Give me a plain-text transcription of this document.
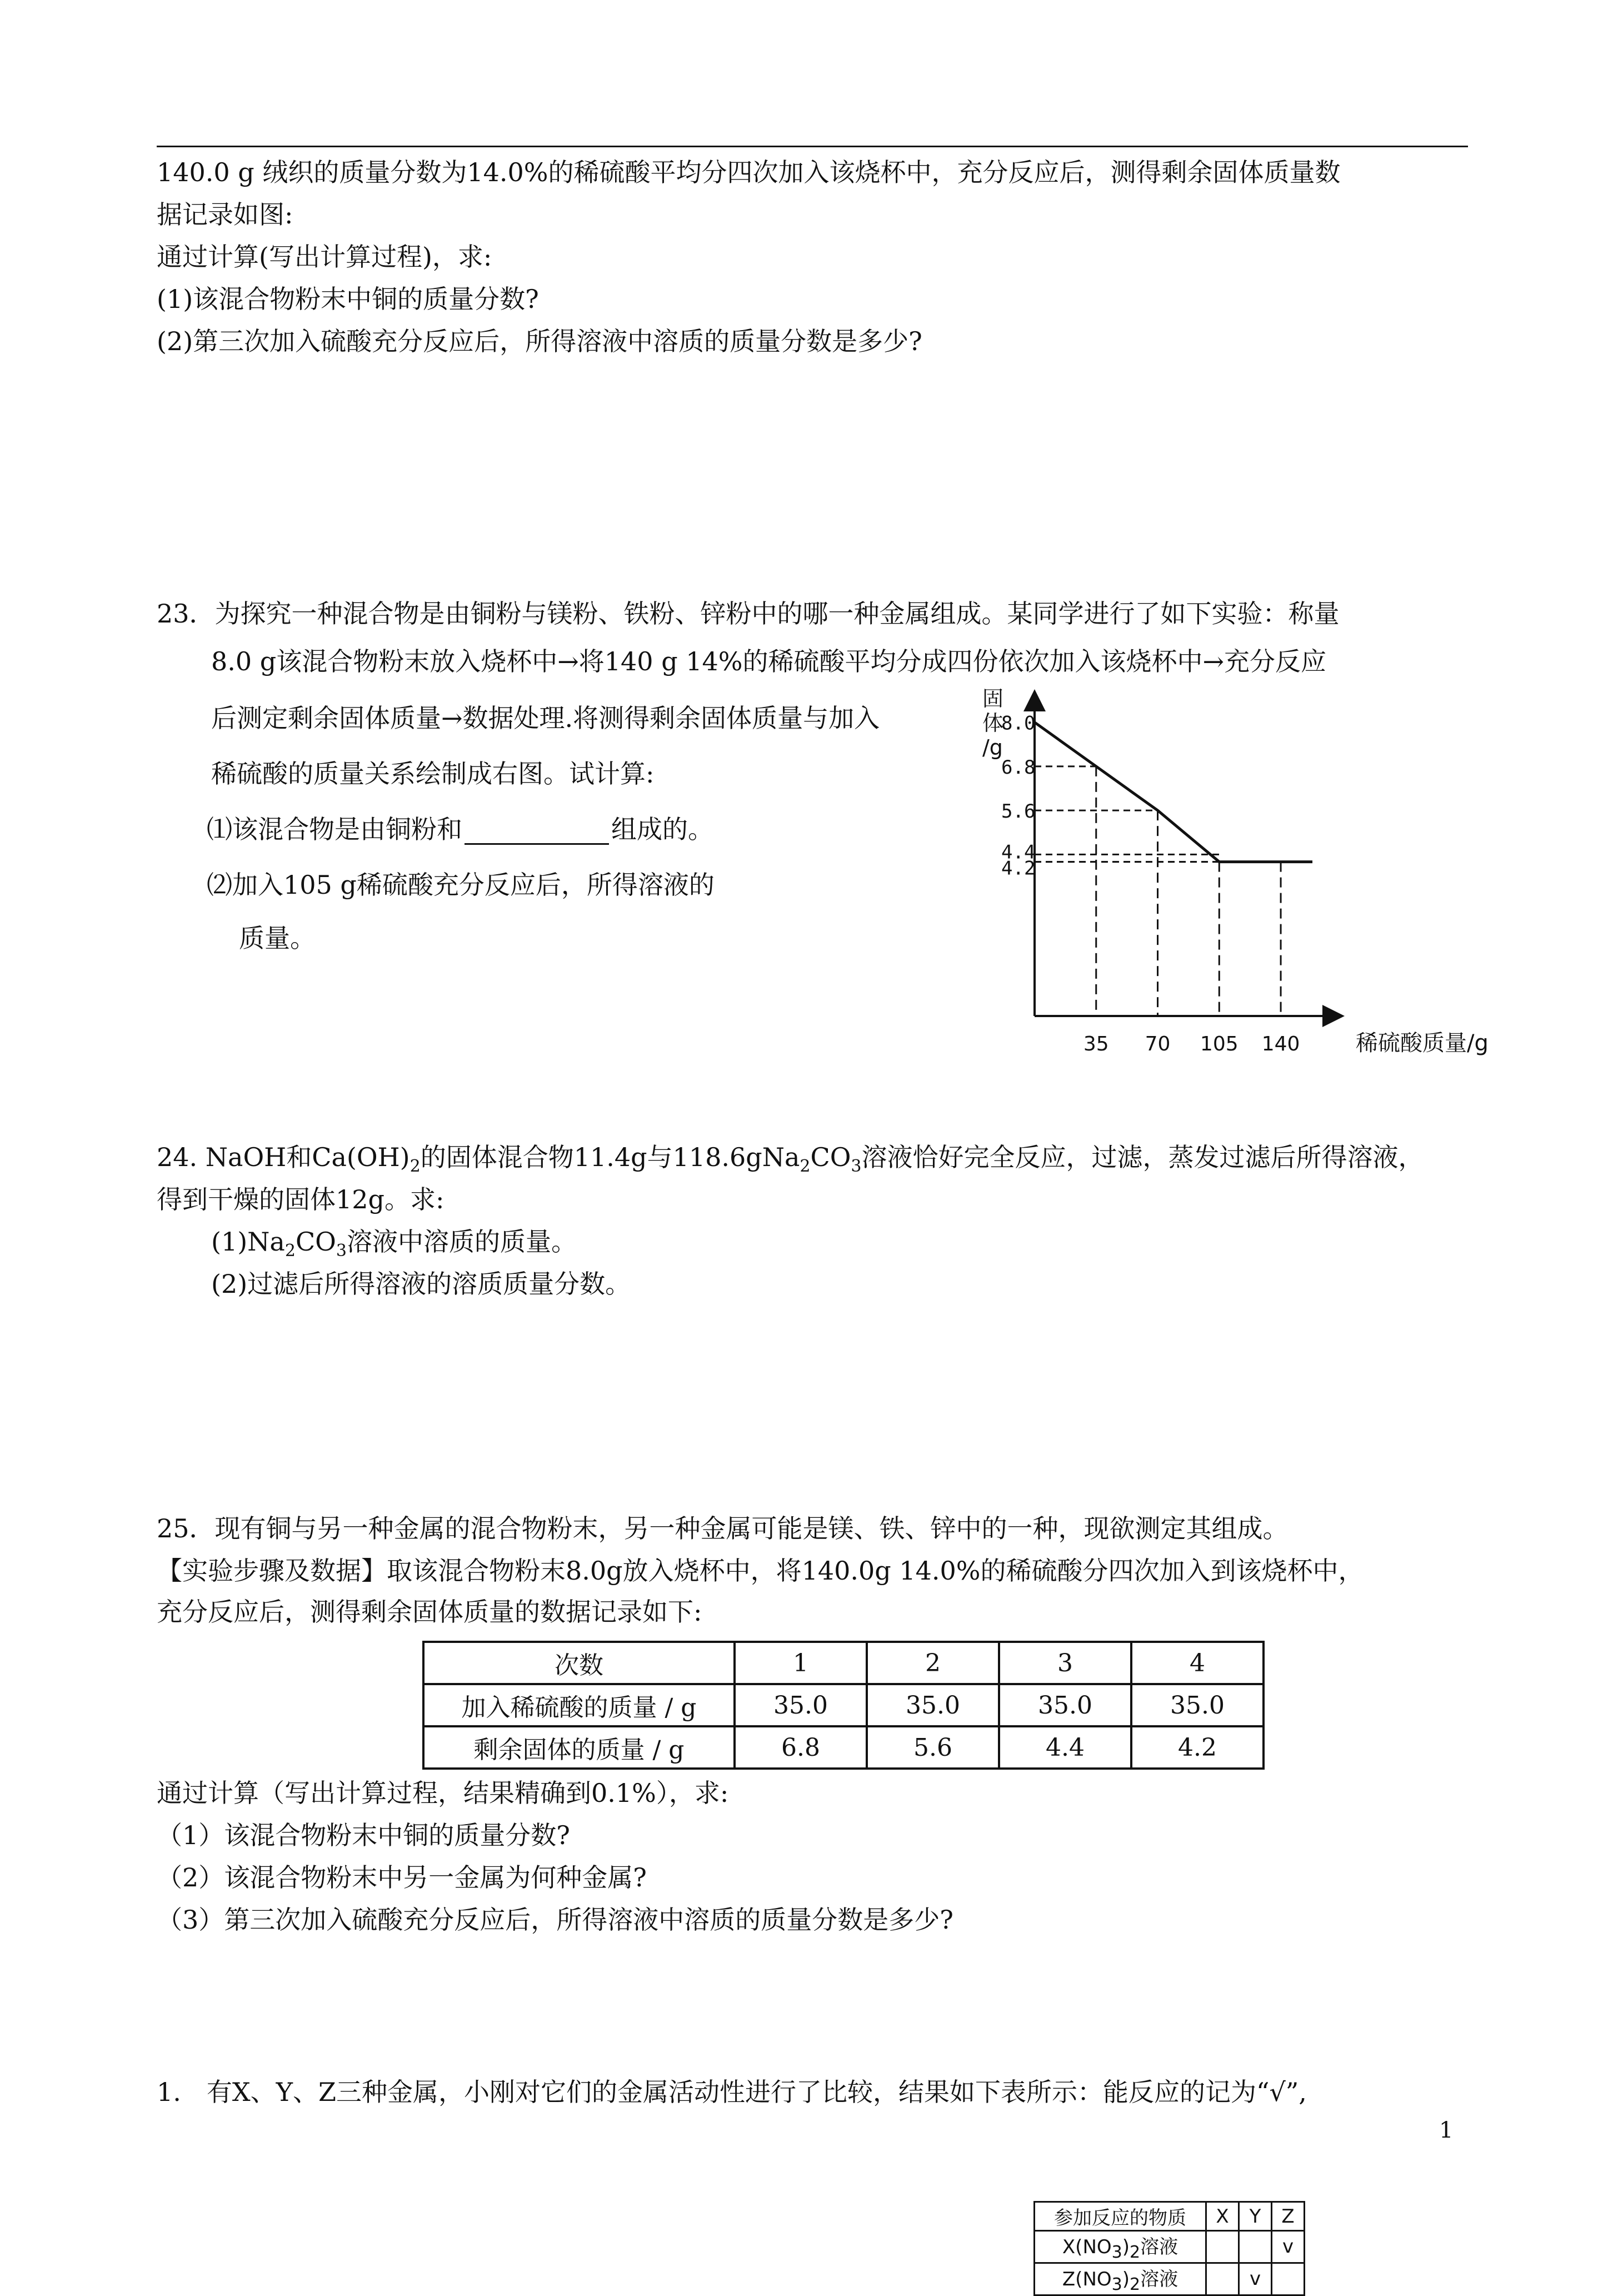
140.0 g 绒织的质量分数为14.0%的稀硫酸平均分四次加入该烧杯中，充分反应后，测得剩余固体质量数
据记录如图:
通过计算(写出计算过程)，求:
(1)该混合物粉末中铜的质量分数?
(2)第三次加入硫酸充分反应后，所得溶液中溶质的质量分数是多少?
23．为探究一种混合物是由铜粉与镁粉、铁粉、锌粉中的哪一种金属组成。某同学进行了如下实验：称量
8.0 g该混合物粉末放入烧杯中→将140 g 14%的稀硫酸平均分成四份依次加入该烧杯中→充分反应
后测定剩余固体质量→数据处理.将测得剩余固体质量与加入
稀硫酸的质量关系绘制成右图。试计算:
⑴该混合物是由铜粉和	组成的。
⑵加入105 g稀硫酸充分反应后，所得溶液的
质量。
8.0
6.8
5.6
4.4
4.2
35 70 105 140	稀硫酸质量/g
固
体
/g
24. NaOH和$Ca(OH)_2$的固体混合物11.4g与$118.6gNa_2CO_3$溶液恰好完全反应，过滤，蒸发过滤后所得溶液，
得到干燥的固体12g。求:
$(1)Na_2CO_3$溶液中溶质的质量。
(2)过滤后所得溶液的溶质质量分数。
25．现有铜与另一种金属的混合物粉末，另一种金属可能是镁、铁、锌中的一种，现欲测定其组成。
【实验步骤及数据】取该混合物粉末8.0g放入烧杯中，将140.0g 14.0%的稀硫酸分四次加入到该烧杯中，
充分反应后，测得剩余固体质量的数据记录如下:
次数	1	2	3	4
加入稀硫酸的质量 / g	35.0	35.0	35.0	35.0
剩余固体的质量 / g	6.8	5.6	4.4	4.2
通过计算（写出计算过程，结果精确到0.1%），求:
（1）该混合物粉末中铜的质量分数?
（2）该混合物粉末中另一金属为何种金属?
（3）第三次加入硫酸充分反应后，所得溶液中溶质的质量分数是多少?
1.　有X、Y、Z三种金属，小刚对它们的金属活动性进行了比较，结果如下表所示：能反应的记为“√”,
1
参加反应的物质	X	Y	Z
$X(NO_3)_2$溶液			v
$Z(NO_3)_2$溶液		v	
